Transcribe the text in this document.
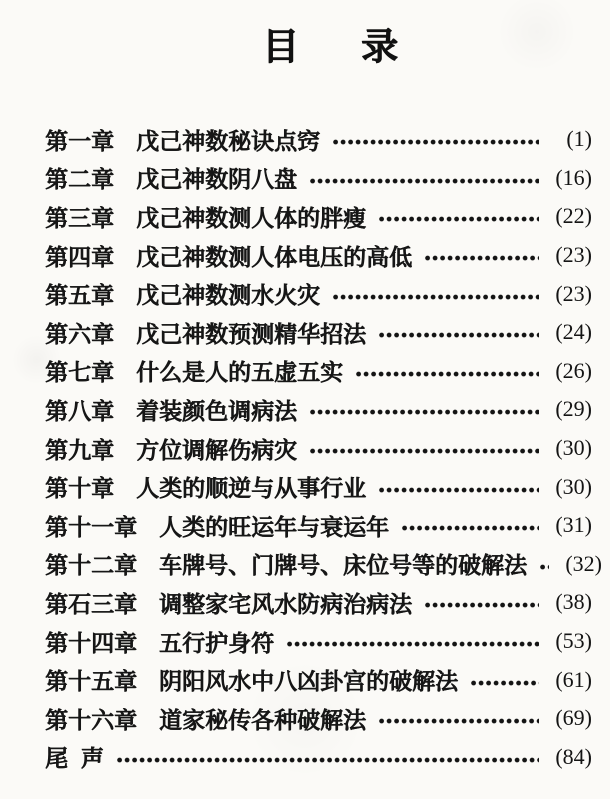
目 录
第一章 戊己神数秘诀点窍	(1)
第二章 戊己神数阴八盘	(16)
第三章 戊己神数测人体的胖瘦	(22)
第四章 戊己神数测人体电压的高低	(23)
第五章 戊己神数测水火灾	(23)
第六章 戊己神数预测精华招法	(24)
第七章 什么是人的五虚五实	(26)
第八章 着装颜色调病法	(29)
第九章 方位调解伤病灾	(30)
第十章 人类的顺逆与从事行业	(30)
第十一章 人类的旺运年与衰运年	(31)
第十二章 车牌号、门牌号、床位号等的破解法	(32)
第石三章 调整家宅风水防病治病法	(38)
第十四章 五行护身符	(53)
第十五章 阴阳风水中八凶卦宫的破解法	(61)
第十六章 道家秘传各种破解法	(69)
尾  声	(84)
